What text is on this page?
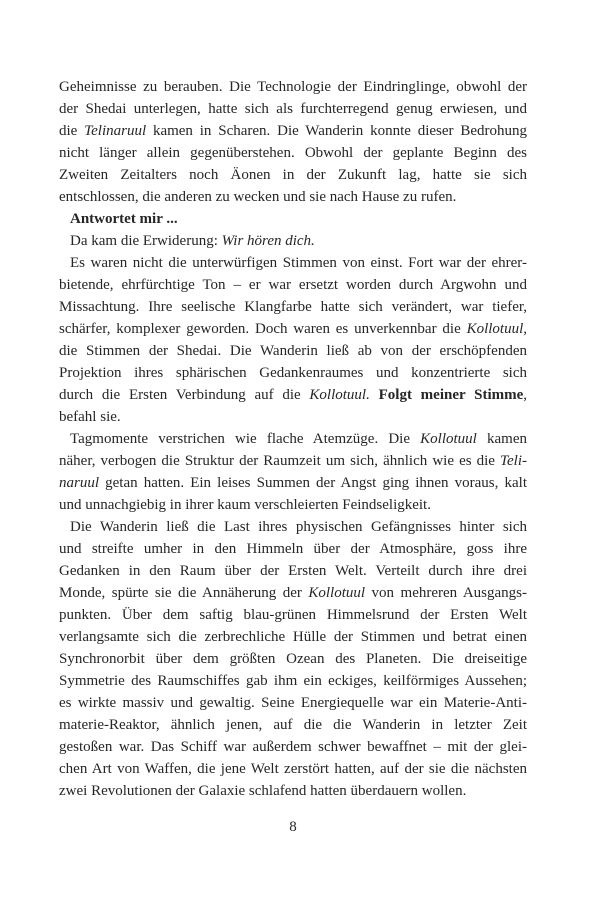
Geheimnisse zu berauben. Die Technologie der Eindringlinge, obwohl der
der Shedai unterlegen, hatte sich als furchterregend genug erwiesen, und
die Telinaruul kamen in Scharen. Die Wanderin konnte dieser Bedrohung
nicht länger allein gegenüberstehen. Obwohl der geplante Beginn des
Zweiten Zeitalters noch Äonen in der Zukunft lag, hatte sie sich
entschlossen, die anderen zu wecken und sie nach Hause zu rufen.
Antwortet mir ...
Da kam die Erwiderung: Wir hören dich.
Es waren nicht die unterwürfigen Stimmen von einst. Fort war der ehrer-
bietende, ehrfürchtige Ton – er war ersetzt worden durch Argwohn und
Missachtung. Ihre seelische Klangfarbe hatte sich verändert, war tiefer,
schärfer, komplexer geworden. Doch waren es unverkennbar die Kollotuul,
die Stimmen der Shedai. Die Wanderin ließ ab von der erschöpfenden
Projektion ihres sphärischen Gedankenraumes und konzentrierte sich
durch die Ersten Verbindung auf die Kollotuul. Folgt meiner Stimme,
befahl sie.
Tagmomente verstrichen wie flache Atemzüge. Die Kollotuul kamen
näher, verbogen die Struktur der Raumzeit um sich, ähnlich wie es die Teli-
naruul getan hatten. Ein leises Summen der Angst ging ihnen voraus, kalt
und unnachgiebig in ihrer kaum verschleierten Feindseligkeit.
Die Wanderin ließ die Last ihres physischen Gefängnisses hinter sich
und streifte umher in den Himmeln über der Atmosphäre, goss ihre
Gedanken in den Raum über der Ersten Welt. Verteilt durch ihre drei
Monde, spürte sie die Annäherung der Kollotuul von mehreren Ausgangs-
punkten. Über dem saftig blau-grünen Himmelsrund der Ersten Welt
verlangsamte sich die zerbrechliche Hülle der Stimmen und betrat einen
Synchronorbit über dem größten Ozean des Planeten. Die dreiseitige
Symmetrie des Raumschiffes gab ihm ein eckiges, keilförmiges Aussehen;
es wirkte massiv und gewaltig. Seine Energiequelle war ein Materie-Anti-
materie-Reaktor, ähnlich jenen, auf die die Wanderin in letzter Zeit
gestoßen war. Das Schiff war außerdem schwer bewaffnet – mit der glei-
chen Art von Waffen, die jene Welt zerstört hatten, auf der sie die nächsten
zwei Revolutionen der Galaxie schlafend hatten überdauern wollen.
8
